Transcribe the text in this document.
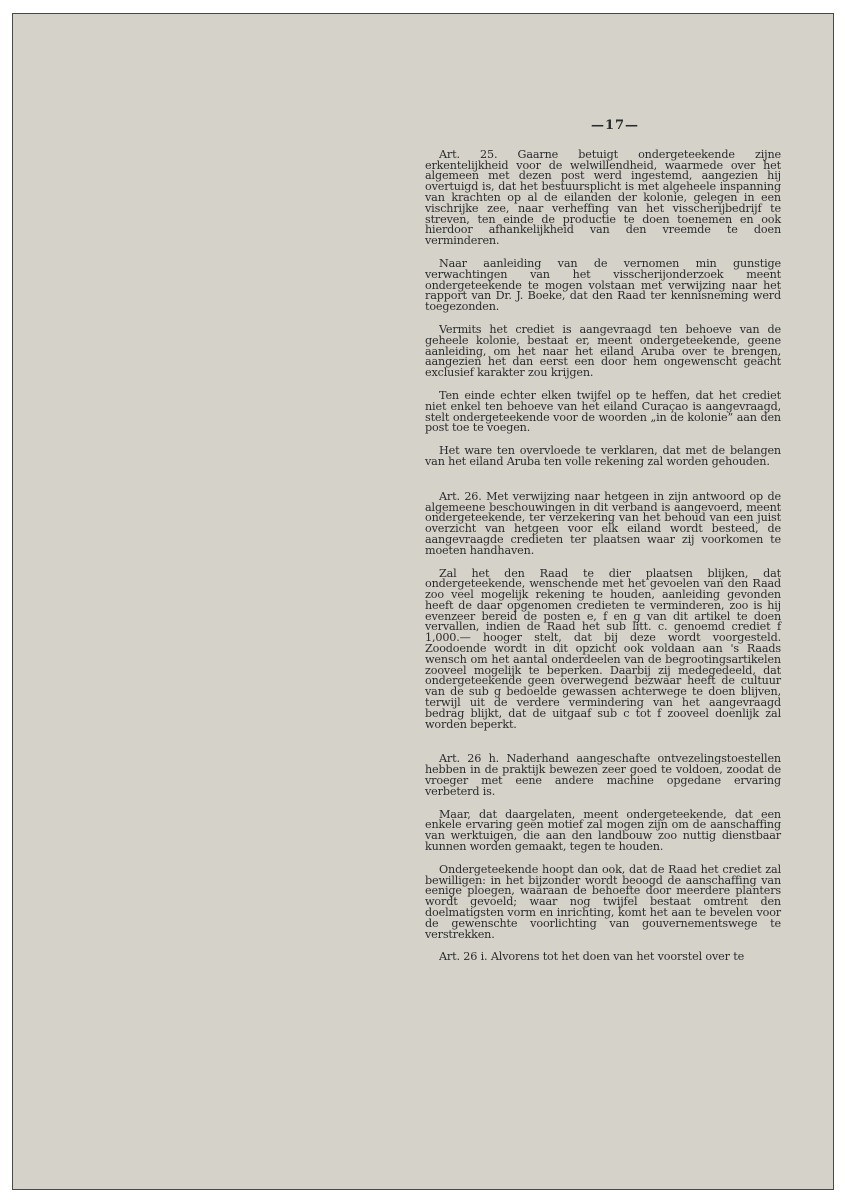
—17—

Art. 25. Gaarne betuigt ondergeteekende zijne erkentelijkheid voor de welwillendheid, waarmede over het algemeen met dezen post werd ingestemd, aangezien hij overtuigd is, dat het bestuursplicht is met algeheele inspanning van krachten op al de eilanden der kolonie, gelegen in een vischrijke zee, naar verheffing van het visscherijbedrijf te streven, ten einde de productie te doen toenemen en ook hierdoor afhankelijkheid van den vreemde te doen verminderen.

Naar aanleiding van de vernomen min gunstige verwachtingen van het visscherijonderzoek meent ondergeteekende te mogen volstaan met verwijzing naar het rapport van Dr. J. Boeke, dat den Raad ter kennisneming werd toegezonden.

Vermits het crediet is aangevraagd ten behoeve van de geheele kolonie, bestaat er, meent ondergeteekende, geene aanleiding, om het naar het eiland Aruba over te brengen, aangezien het dan eerst een door hem ongewenscht geacht exclusief karakter zou krijgen.

Ten einde echter elken twijfel op te heffen, dat het crediet niet enkel ten behoeve van het eiland Curaçao is aangevraagd, stelt ondergeteekende voor de woorden „in de kolonie” aan den post toe te voegen.

Het ware ten overvloede te verklaren, dat met de belangen van het eiland Aruba ten volle rekening zal worden gehouden.

Art. 26. Met verwijzing naar hetgeen in zijn antwoord op de algemeene beschouwingen in dit verband is aangevoerd, meent ondergeteekende, ter verzekering van het behoud van een juist overzicht van hetgeen voor elk eiland wordt besteed, de aangevraagde credieten ter plaatsen waar zij voorkomen te moeten handhaven.

Zal het den Raad te dier plaatsen blijken, dat ondergeteekende, wenschende met het gevoelen van den Raad zoo veel mogelijk rekening te houden, aanleiding gevonden heeft de daar opgenomen credieten te verminderen, zoo is hij evenzeer bereid de posten e, f en g van dit artikel te doen vervallen, indien de Raad het sub litt. c. genoemd crediet f 1,000.— hooger stelt, dat bij deze wordt voorgesteld. Zoodoende wordt in dit opzicht ook voldaan aan 's Raads wensch om het aantal onderdeelen van de begrootingsartikelen zooveel mogelijk te beperken. Daarbij zij medegedeeld, dat ondergeteekende geen overwegend bezwaar heeft de cultuur van de sub g bedoelde gewassen achterwege te doen blijven, terwijl uit de verdere vermindering van het aangevraagd bedrag blijkt, dat de uitgaaf sub c tot f zooveel doenlijk zal worden beperkt.

Art. 26 h. Naderhand aangeschafte ontvezelingstoestellen hebben in de praktijk bewezen zeer goed te voldoen, zoodat de vroeger met eene andere machine opgedane ervaring verbeterd is.

Maar, dat daargelaten, meent ondergeteekende, dat een enkele ervaring geen motief zal mogen zijn om de aanschaffing van werktuigen, die aan den landbouw zoo nuttig dienstbaar kunnen worden gemaakt, tegen te houden.

Ondergeteekende hoopt dan ook, dat de Raad het crediet zal bewilligen: in het bijzonder wordt beoogd de aanschaffing van eenige ploegen, waaraan de behoefte door meerdere planters wordt gevoeld; waar nog twijfel bestaat omtrent den doelmatigsten vorm en inrichting, komt het aan te bevelen voor de gewenschte voorlichting van gouvernementswege te verstrekken.

Art. 26 i. Alvorens tot het doen van het voorstel over te
